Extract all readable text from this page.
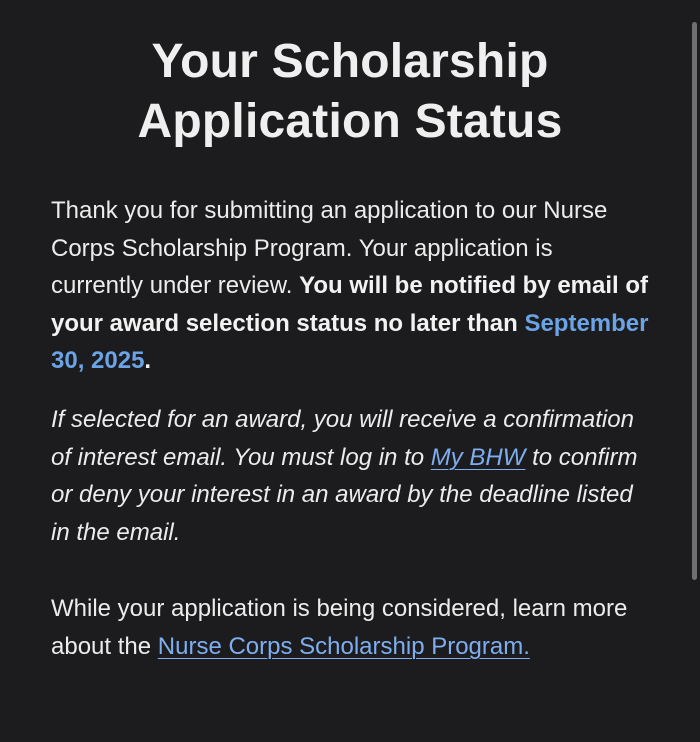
Your Scholarship Application Status

Thank you for submitting an application to our Nurse Corps Scholarship Program. Your application is currently under review. You will be notified by email of your award selection status no later than September 30, 2025.

If selected for an award, you will receive a confirmation of interest email. You must log in to My BHW to confirm or deny your interest in an award by the deadline listed in the email.

While your application is being considered, learn more about the Nurse Corps Scholarship Program.
